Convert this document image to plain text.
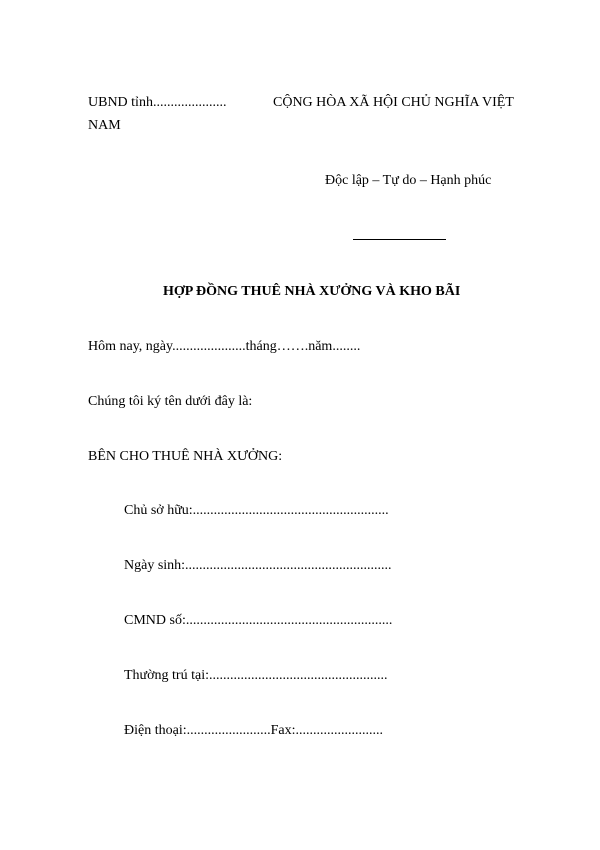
UBND tỉnh.....................	CỘNG HÒA XÃ HỘI CHỦ NGHĨA VIỆT
NAM
Độc lập – Tự do – Hạnh phúc
HỢP ĐỒNG THUÊ NHÀ XƯỞNG VÀ KHO BÃI
Hôm nay, ngày.....................tháng…….năm........
Chúng tôi ký tên dưới đây là:
BÊN CHO THUÊ NHÀ XƯỞNG:
Chủ sở hữu:........................................................
Ngày sinh:...........................................................
CMND số:...........................................................
Thường trú tại:...................................................
Điện thoại:........................Fax:.........................
